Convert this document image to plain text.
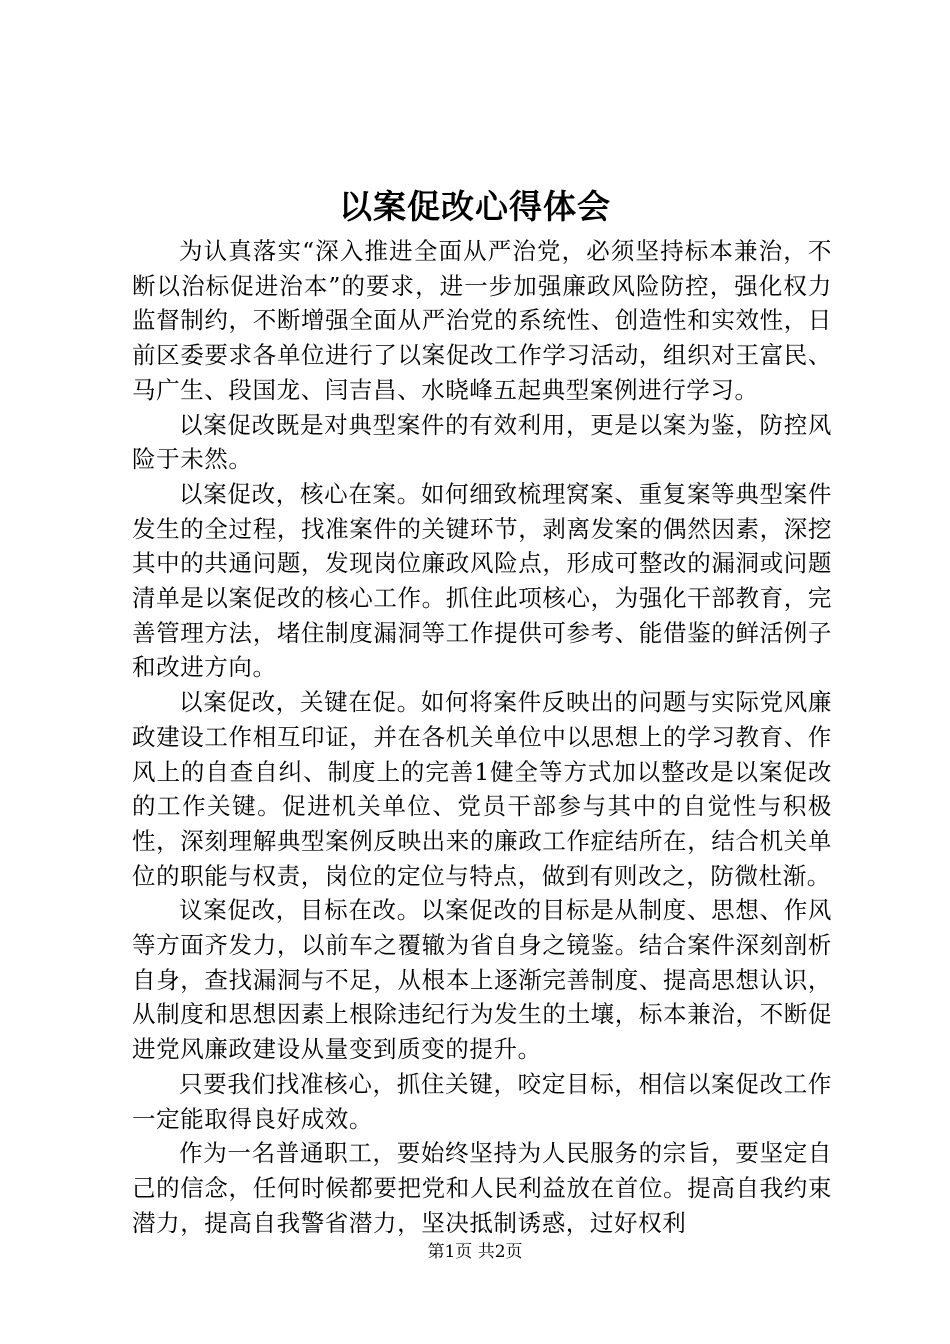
以案促改心得体会

为认真落实“深入推进全面从严治党，必须坚持标本兼治，不断以治标促进治本”的要求，进一步加强廉政风险防控，强化权力监督制约，不断增强全面从严治党的系统性、创造性和实效性，日前区委要求各单位进行了以案促改工作学习活动，组织对王富民、马广生、段国龙、闫吉昌、水晓峰五起典型案例进行学习。

以案促改既是对典型案件的有效利用，更是以案为鉴，防控风险于未然。

以案促改，核心在案。如何细致梳理窝案、重复案等典型案件发生的全过程，找准案件的关键环节，剥离发案的偶然因素，深挖其中的共通问题，发现岗位廉政风险点，形成可整改的漏洞或问题清单是以案促改的核心工作。抓住此项核心，为强化干部教育，完善管理方法，堵住制度漏洞等工作提供可参考、能借鉴的鲜活例子和改进方向。

以案促改，关键在促。如何将案件反映出的问题与实际党风廉政建设工作相互印证，并在各机关单位中以思想上的学习教育、作风上的自查自纠、制度上的完善1健全等方式加以整改是以案促改的工作关键。促进机关单位、党员干部参与其中的自觉性与积极性，深刻理解典型案例反映出来的廉政工作症结所在，结合机关单位的职能与权责，岗位的定位与特点，做到有则改之，防微杜渐。

议案促改，目标在改。以案促改的目标是从制度、思想、作风等方面齐发力，以前车之覆辙为省自身之镜鉴。结合案件深刻剖析自身，查找漏洞与不足，从根本上逐渐完善制度、提高思想认识，从制度和思想因素上根除违纪行为发生的土壤，标本兼治，不断促进党风廉政建设从量变到质变的提升。

只要我们找准核心，抓住关键，咬定目标，相信以案促改工作一定能取得良好成效。

作为一名普通职工，要始终坚持为人民服务的宗旨，要坚定自己的信念，任何时候都要把党和人民利益放在首位。提高自我约束潜力，提高自我警省潜力，坚决抵制诱惑，过好权利

第1页 共2页
